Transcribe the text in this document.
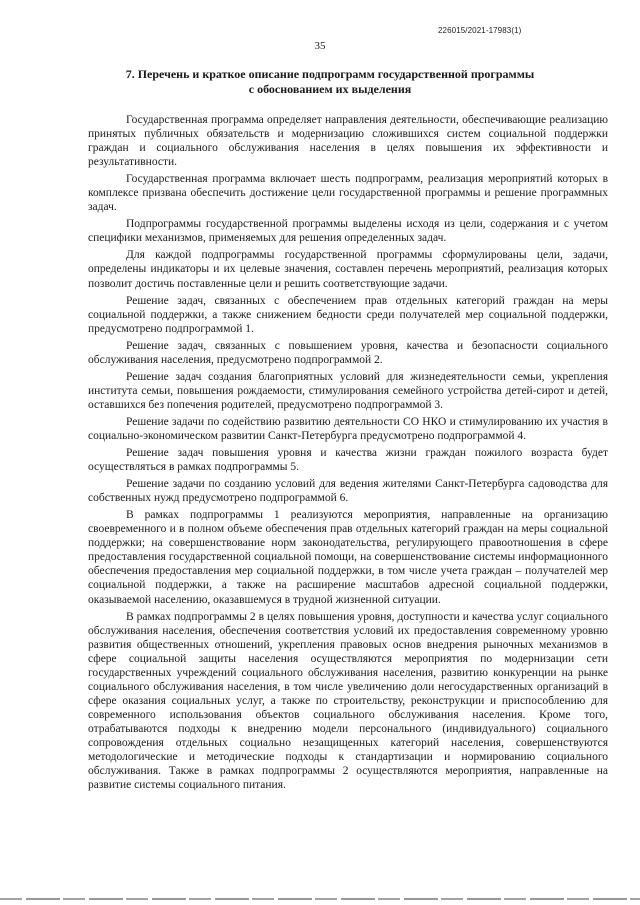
226015/2021-17983(1)
35
7. Перечень и краткое описание подпрограмм государственной программы
с обоснованием их выделения

Государственная программа определяет направления деятельности, обеспечивающие реализацию принятых публичных обязательств и модернизацию сложившихся систем социальной поддержки граждан и социального обслуживания населения в целях повышения их эффективности и результативности.

Государственная программа включает шесть подпрограмм, реализация мероприятий которых в комплексе призвана обеспечить достижение цели государственной программы и решение программных задач.

Подпрограммы государственной программы выделены исходя из цели, содержания и с учетом специфики механизмов, применяемых для решения определенных задач.

Для каждой подпрограммы государственной программы сформулированы цели, задачи, определены индикаторы и их целевые значения, составлен перечень мероприятий, реализация которых позволит достичь поставленные цели и решить соответствующие задачи.

Решение задач, связанных с обеспечением прав отдельных категорий граждан на меры социальной поддержки, а также снижением бедности среди получателей мер социальной поддержки, предусмотрено подпрограммой 1.

Решение задач, связанных с повышением уровня, качества и безопасности социального обслуживания населения, предусмотрено подпрограммой 2.

Решение задач создания благоприятных условий для жизнедеятельности семьи, укрепления института семьи, повышения рождаемости, стимулирования семейного устройства детей-сирот и детей, оставшихся без попечения родителей, предусмотрено подпрограммой 3.

Решение задачи по содействию развитию деятельности СО НКО и стимулированию их участия в социально-экономическом развитии Санкт-Петербурга предусмотрено подпрограммой 4.

Решение задач повышения уровня и качества жизни граждан пожилого возраста будет осуществляться в рамках подпрограммы 5.

Решение задачи по созданию условий для ведения жителями Санкт-Петербурга садоводства для собственных нужд предусмотрено подпрограммой 6.

В рамках подпрограммы 1 реализуются мероприятия, направленные на организацию своевременного и в полном объеме обеспечения прав отдельных категорий граждан на меры социальной поддержки; на совершенствование норм законодательства, регулирующего правоотношения в сфере предоставления государственной социальной помощи, на совершенствование системы информационного обеспечения предоставления мер социальной поддержки, в том числе учета граждан – получателей мер социальной поддержки, а также на расширение масштабов адресной социальной поддержки, оказываемой населению, оказавшемуся в трудной жизненной ситуации.

В рамках подпрограммы 2 в целях повышения уровня, доступности и качества услуг социального обслуживания населения, обеспечения соответствия условий их предоставления современному уровню развития общественных отношений, укрепления правовых основ внедрения рыночных механизмов в сфере социальной защиты населения осуществляются мероприятия по модернизации сети государственных учреждений социального обслуживания населения, развитию конкуренции на рынке социального обслуживания населения, в том числе увеличению доли негосударственных организаций в сфере оказания социальных услуг, а также по строительству, реконструкции и приспособлению для современного использования объектов социального обслуживания населения. Кроме того, отрабатываются подходы к внедрению модели персонального (индивидуального) социального сопровождения отдельных социально незащищенных категорий населения, совершенствуются методологические и методические подходы к стандартизации и нормированию социального обслуживания. Также в рамках подпрограммы 2 осуществляются мероприятия, направленные на развитие системы социального питания.
